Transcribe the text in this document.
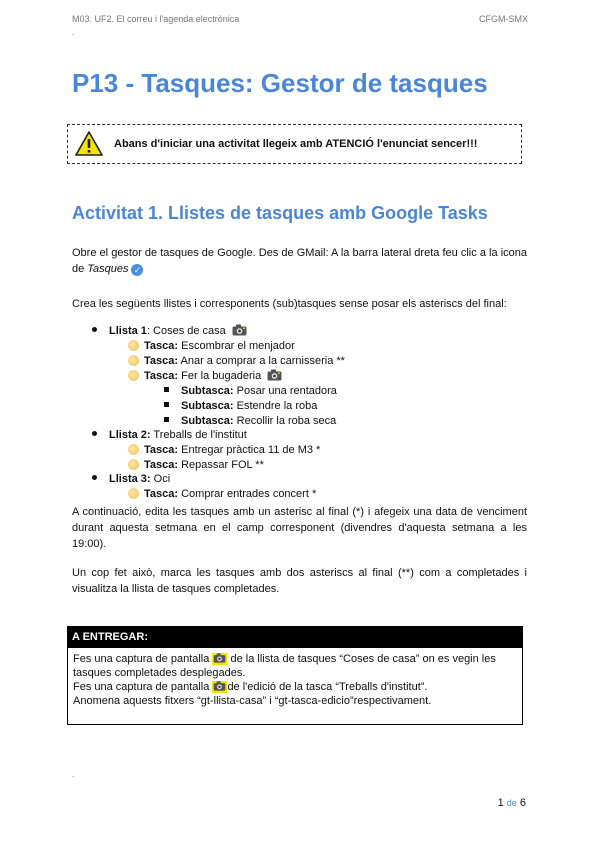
M03. UF2. El correu i l'agenda electrònica	CFGM-SMX
-
P13 - Tasques: Gestor de tasques
Abans d'iniciar una activitat llegeix amb ATENCIÓ l'enunciat sencer!!!
Activitat 1. Llistes de tasques amb Google Tasks

Obre el gestor de tasques de Google. Des de GMail: A la barra lateral dreta feu clic a la icona de Tasques ✓

Crea les següents llistes i corresponents (sub)tasques sense posar els asteriscs del final:

Llista 1: Coses de casa
Tasca: Escombrar el menjador
Tasca: Anar a comprar a la carnisseria **
Tasca: Fer la bugaderia
Subtasca: Posar una rentadora
Subtasca: Estendre la roba
Subtasca: Recollir la roba seca
Llista 2: Treballs de l'institut
Tasca: Entregar pràctica 11 de M3 *
Tasca: Repassar FOL **
Llista 3: Oci
Tasca: Comprar entrades concert *

A continuació, edita les tasques amb un asterisc al final (*) i afegeix una data de venciment durant aquesta setmana en el camp corresponent (divendres d'aquesta setmana a les 19:00).

Un cop fet això, marca les tasques amb dos asteriscs al final (**) com a completades i visualitza la llista de tasques completades.

A ENTREGAR:
Fes una captura de pantalla  de la llista de tasques “Coses de casa” on es vegin les tasques completades desplegades.
Fes una captura de pantalla de l'edició de la tasca “Treballs d'institut”.
Anomena aquests fitxers “gt-llista-casa” i “gt-tasca-edicio”respectivament.
-
1 de 6
